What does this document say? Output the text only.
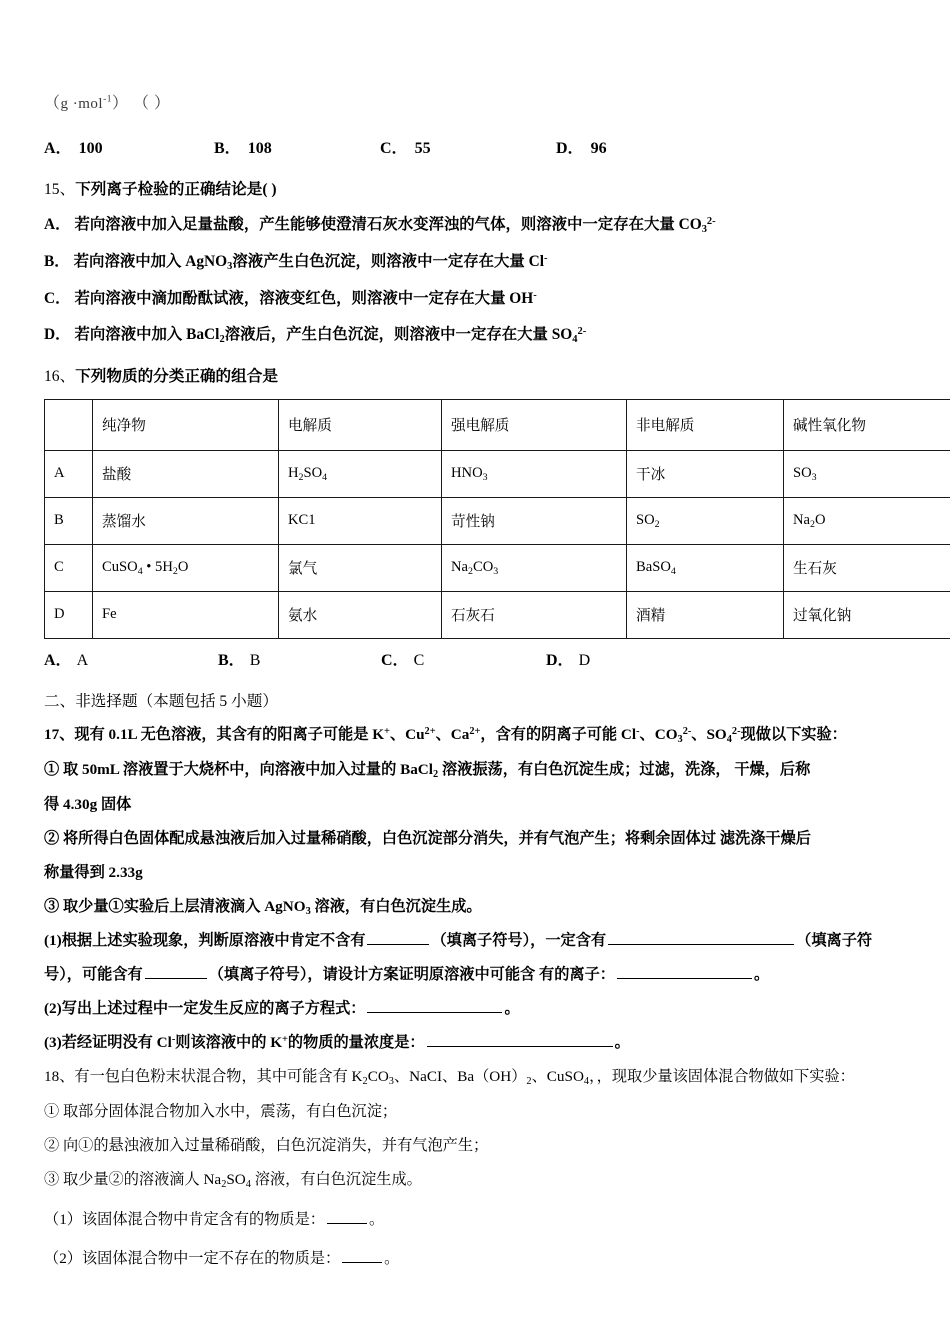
（g ·mol$^{-1}$） （ ）
A． 100	B． 108	C． 55	D． 96
15、下列离子检验的正确结论是( )
A． 若向溶液中加入足量盐酸，产生能够使澄清石灰水变浑浊的气体，则溶液中一定存在大量 $CO_3^{2-}$
B． 若向溶液中加入 AgNO$_3$溶液产生白色沉淀，则溶液中一定存在大量 Cl-
C． 若向溶液中滴加酚酞试液，溶液变红色，则溶液中一定存在大量 OH-
D． 若向溶液中加入 BaCl$_2$溶液后，产生白色沉淀，则溶液中一定存在大量 $SO_4^{2-}$
16、下列物质的分类正确的组合是
	纯净物	电解质	强电解质	非电解质	碱性氧化物
A	盐酸	$H_2SO_4$	$HNO_3$	干冰	$SO_3$
B	蒸馏水	KC1	苛性钠	$SO_2$	$Na_2O$
C	CuSO$_4$ • $5H_2O$	氯气	$Na_2CO_3$	BaSO$_4$	生石灰
D	Fe	氨水	石灰石	酒精	过氧化钠
A． A	B． B	C． C	D． D
二、非选择题（本题包括 5 小题）
17、现有 0.1L 无色溶液，其含有的阳离子可能是 K+、$Cu^{2+}$、$Ca^{2+}$，含有的阴离子可能 Cl-、$CO_3^{2-}$、$SO_4^{2-}$现做以下实验：
① 取 50mL 溶液置于大烧杯中，向溶液中加入过量的 BaCl$_2$ 溶液振荡，有白色沉淀生成；过滤，洗涤， 干燥，后称
得 4.30g 固体
② 将所得白色固体配成悬浊液后加入过量稀硝酸，白色沉淀部分消失，并有气泡产生；将剩余固体过 滤洗涤干燥后
称量得到 2.33g
③ 取少量①实验后上层清液滴入 AgNO$_3$ 溶液，有白色沉淀生成。
(1)根据上述实验现象，判断原溶液中肯定不含有	（填离子符号），一定含有	（填离子符
号），可能含有	（填离子符号），请设计方案证明原溶液中可能含 有的离子：	。
(2)写出上述过程中一定发生反应的离子方程式：	。
(3)若经证明没有 Cl-则该溶液中的 K+的物质的量浓度是：	。
18、有一包白色粉末状混合物，其中可能含有 $K_2CO_3$、NaCI、$Ba(OH)_2$、CuSO$_4$，，现取少量该固体混合物做如下实验：
① 取部分固体混合物加入水中，震荡，有白色沉淀；
② 向①的悬浊液加入过量稀硝酸，白色沉淀消失，并有气泡产生；
③ 取少量②的溶液滴人 $Na_2SO_4$ 溶液，有白色沉淀生成。
（1）该固体混合物中肯定含有的物质是：	。
（2）该固体混合物中一定不存在的物质是：	。
